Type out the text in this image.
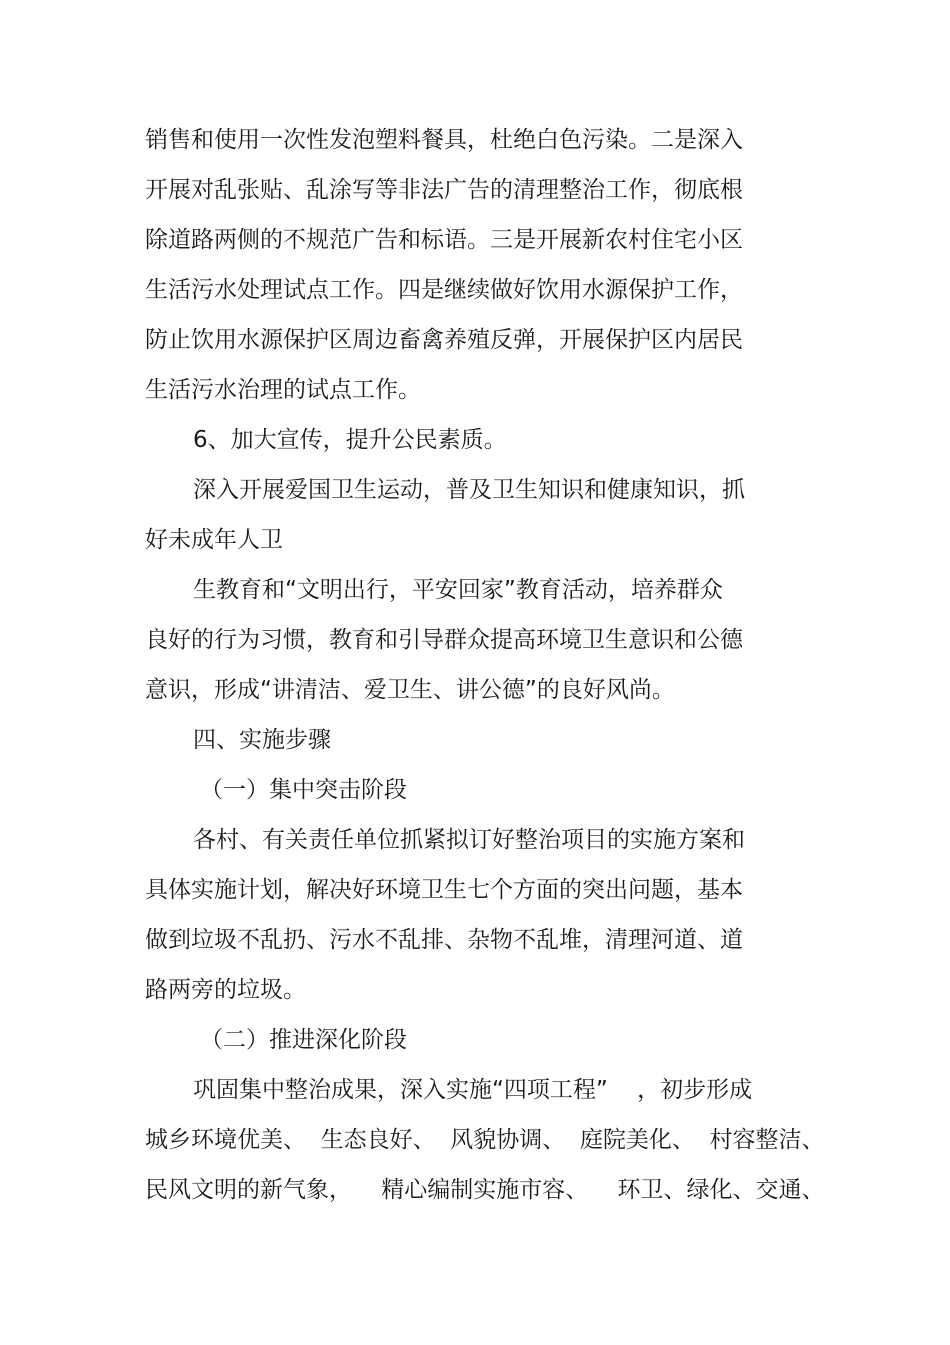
销售和使用一次性发泡塑料餐具，杜绝白色污染。二是深入

开展对乱张贴、乱涂写等非法广告的清理整治工作，彻底根

除道路两侧的不规范广告和标语。三是开展新农村住宅小区

生活污水处理试点工作。四是继续做好饮用水源保护工作，

防止饮用水源保护区周边畜禽养殖反弹，开展保护区内居民

生活污水治理的试点工作。

6、加大宣传，提升公民素质。

深入开展爱国卫生运动，普及卫生知识和健康知识，抓

好未成年人卫

生教育和“文明出行，平安回家”教育活动，培养群众

良好的行为习惯，教育和引导群众提高环境卫生意识和公德

意识，形成“讲清洁、爱卫生、讲公德”的良好风尚。

四、实施步骤

（一）集中突击阶段

各村、有关责任单位抓紧拟订好整治项目的实施方案和

具体实施计划，解决好环境卫生七个方面的突出问题，基本

做到垃圾不乱扔、污水不乱排、杂物不乱堆，清理河道、道

路两旁的垃圾。

（二）推进深化阶段

巩固集中整治成果，深入实施“四项工程”    ，初步形成

城乡环境优美、  生态良好、  风貌协调、  庭院美化、  村容整洁、

民风文明的新气象，    精心编制实施市容、    环卫、绿化、交通、
